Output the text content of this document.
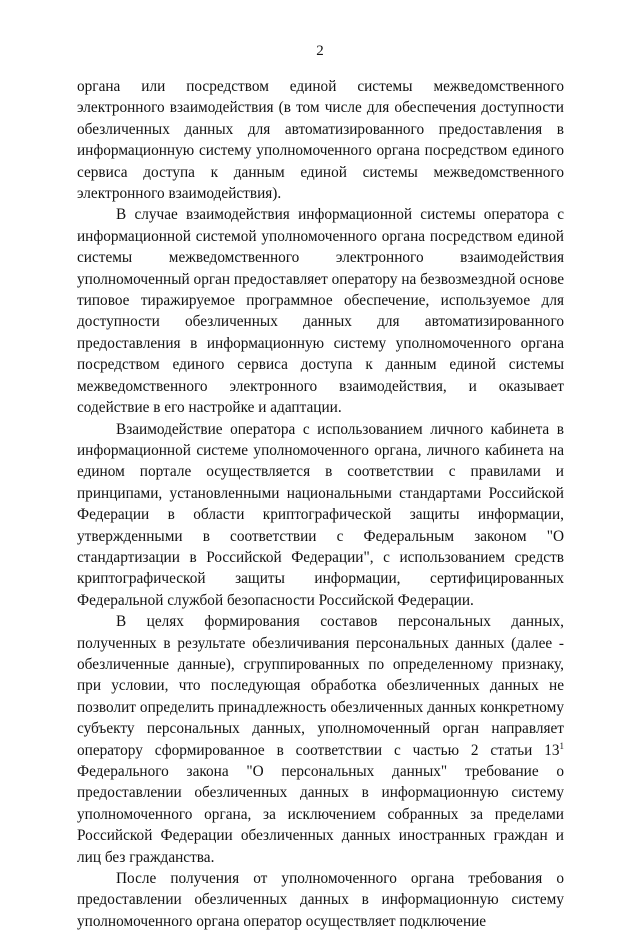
2

органа или посредством единой системы межведомственного электронного взаимодействия (в том числе для обеспечения доступности обезличенных данных для автоматизированного предоставления в информационную систему уполномоченного органа посредством единого сервиса доступа к данным единой системы межведомственного электронного взаимодействия).

В случае взаимодействия информационной системы оператора с информационной системой уполномоченного органа посредством единой системы межведомственного электронного взаимодействия уполномоченный орган предоставляет оператору на безвозмездной основе типовое тиражируемое программное обеспечение, используемое для доступности обезличенных данных для автоматизированного предоставления в информационную систему уполномоченного органа посредством единого сервиса доступа к данным единой системы межведомственного электронного взаимодействия, и оказывает содействие в его настройке и адаптации.

Взаимодействие оператора с использованием личного кабинета в информационной системе уполномоченного органа, личного кабинета на едином портале осуществляется в соответствии с правилами и принципами, установленными национальными стандартами Российской Федерации в области криптографической защиты информации, утвержденными в соответствии с Федеральным законом "О стандартизации в Российской Федерации", с использованием средств криптографической защиты информации, сертифицированных Федеральной службой безопасности Российской Федерации.

В целях формирования составов персональных данных, полученных в результате обезличивания персональных данных (далее - обезличенные данные), сгруппированных по определенному признаку, при условии, что последующая обработка обезличенных данных не позволит определить принадлежность обезличенных данных конкретному субъекту персональных данных, уполномоченный орган направляет оператору сформированное в соответствии с частью 2 статьи $13^1$ Федерального закона "О персональных данных" требование о предоставлении обезличенных данных в информационную систему уполномоченного органа, за исключением собранных за пределами Российской Федерации обезличенных данных иностранных граждан и лиц без гражданства.

После получения от уполномоченного органа требования о предоставлении обезличенных данных в информационную систему уполномоченного органа оператор осуществляет подключение
